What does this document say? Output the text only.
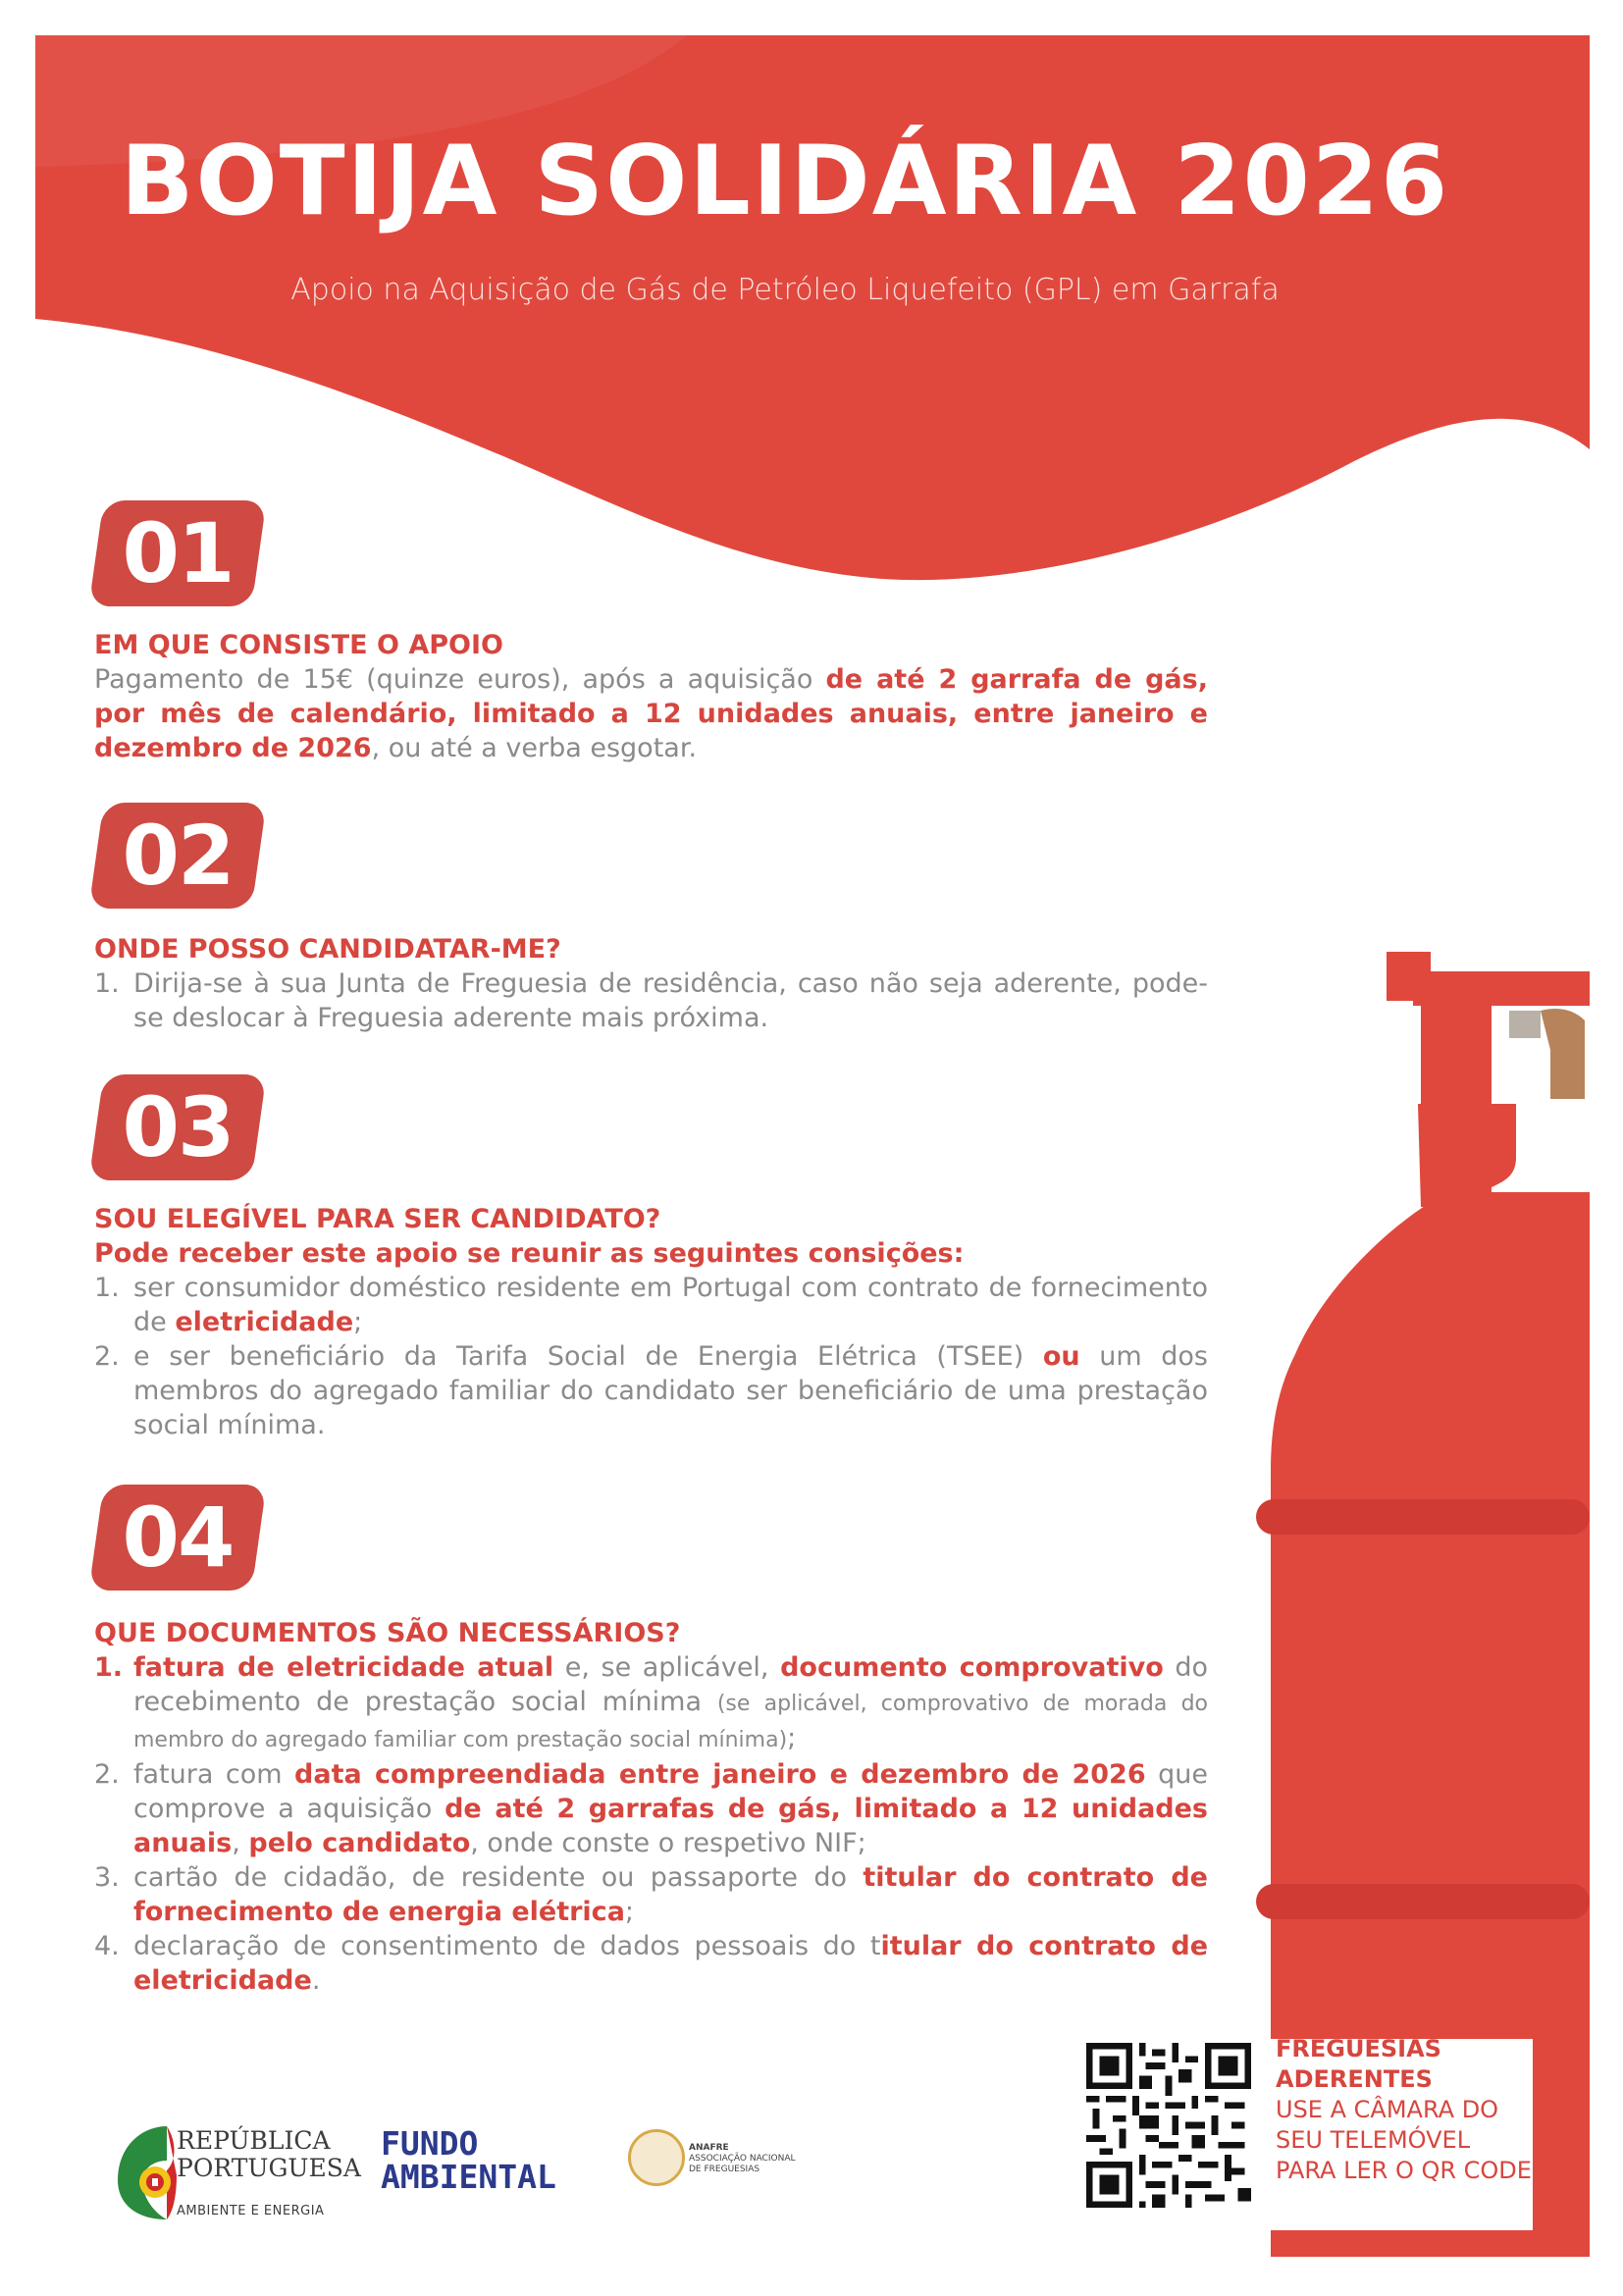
BOTIJA SOLIDÁRIA 2026
Apoio na Aquisição de Gás de Petróleo Liquefeito (GPL) em Garrafa
01
EM QUE CONSISTE O APOIO
Pagamento de 15€ (quinze euros), após a aquisição de até 2 garrafa de gás, por mês de calendário, limitado a 12 unidades anuais, entre janeiro e dezembro de 2026, ou até a verba esgotar.
02
ONDE POSSO CANDIDATAR-ME?
1. Dirija-se à sua Junta de Freguesia de residência, caso não seja aderente, pode-se deslocar à Freguesia aderente mais próxima.
03
SOU ELEGÍVEL PARA SER CANDIDATO?
Pode receber este apoio se reunir as seguintes consições:
1. ser consumidor doméstico residente em Portugal com contrato de fornecimento de eletricidade;
2. e ser beneficiário da Tarifa Social de Energia Elétrica (TSEE) ou um dos membros do agregado familiar do candidato ser beneficiário de uma prestação social mínima.
04
QUE DOCUMENTOS SÃO NECESSÁRIOS?
1. fatura de eletricidade atual e, se aplicável, documento comprovativo do recebimento de prestação social mínima (se aplicável, comprovativo de morada do membro do agregado familiar com prestação social mínima);
2. fatura com data compreendiada entre janeiro e dezembro de 2026 que comprove a aquisição de até 2 garrafas de gás, limitado a 12 unidades anuais, pelo candidato, onde conste o respetivo NIF;
3. cartão de cidadão, de residente ou passaporte do titular do contrato de fornecimento de energia elétrica;
4. declaração de consentimento de dados pessoais do titular do contrato de eletricidade.
FREGUESIAS
ADERENTES
USE A CÂMARA DO SEU TELEMÓVEL PARA LER O QR CODE
REPÚBLICA
PORTUGUESA
AMBIENTE E ENERGIA
FUNDO
AMBIENTAL
ANAFRE
ASSOCIAÇÃO NACIONAL
DE FREGUESIAS
